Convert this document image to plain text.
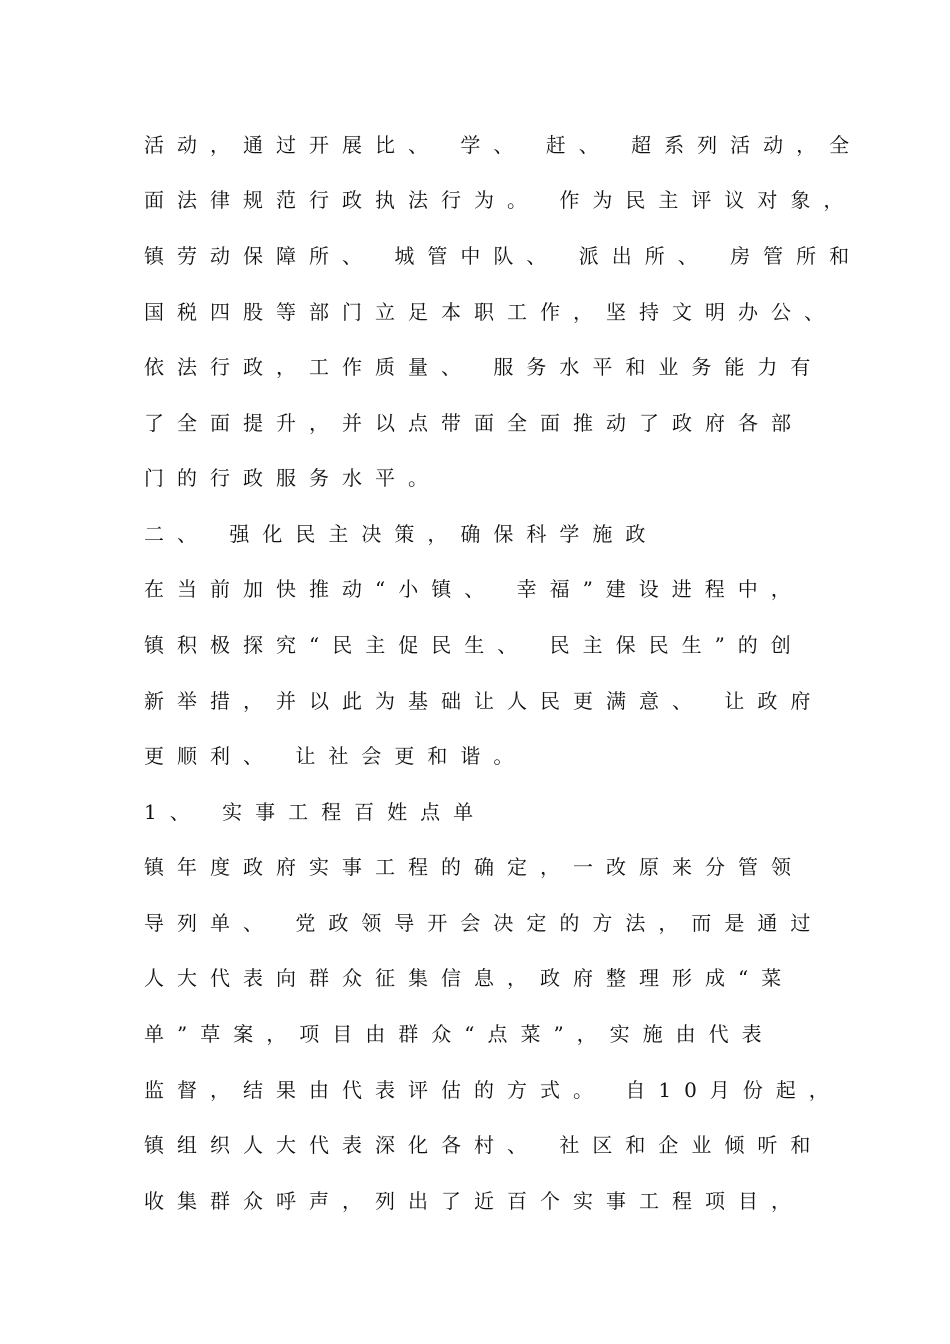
活动，通过开展比、 学、 赶、 超系列活动，全
面法律规范行政执法行为。 作为民主评议对象，
镇劳动保障所、 城管中队、 派出所、 房管所和
国税四股等部门立足本职工作，坚持文明办公、
依法行政，工作质量、 服务水平和业务能力有
了全面提升，并以点带面全面推动了政府各部
门的行政服务水平。
二、 强化民主决策，确保科学施政
在当前加快推动“小镇、 幸福”建设进程中，
镇积极探究“民主促民生、 民主保民生”的创
新举措，并以此为基础让人民更满意、 让政府
更顺利、 让社会更和谐。
1、 实事工程百姓点单
镇年度政府实事工程的确定，一改原来分管领
导列单、 党政领导开会决定的方法，而是通过
人大代表向群众征集信息，政府整理形成“菜
单”草案，项目由群众“点菜”，实施由代表
监督，结果由代表评估的方式。 自10月份起，
镇组织人大代表深化各村、 社区和企业倾听和
收集群众呼声，列出了近百个实事工程项目，
